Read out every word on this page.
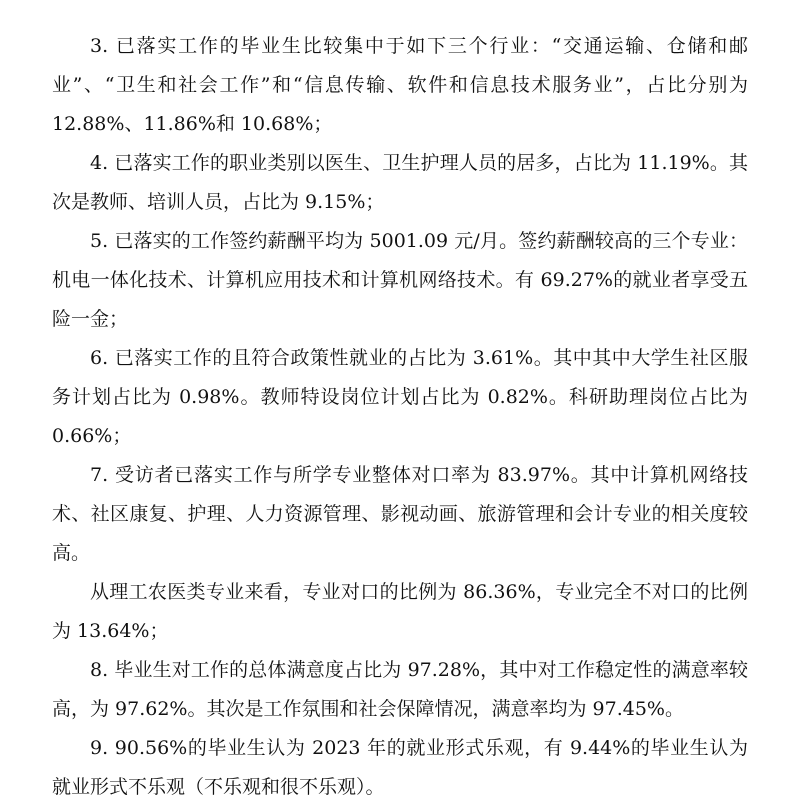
3. 已落实工作的毕业生比较集中于如下三个行业：“交通运输、仓储和邮业”、“卫生和社会工作”和“信息传输、软件和信息技术服务业”，占比分别为 12.88%、11.86%和 10.68%；

4. 已落实工作的职业类别以医生、卫生护理人员的居多，占比为 11.19%。其次是教师、培训人员，占比为 9.15%；

5. 已落实的工作签约薪酬平均为 5001.09 元/月。签约薪酬较高的三个专业：机电一体化技术、计算机应用技术和计算机网络技术。有 69.27%的就业者享受五险一金；

6. 已落实工作的且符合政策性就业的占比为 3.61%。其中其中大学生社区服务计划占比为 0.98%。教师特设岗位计划占比为 0.82%。科研助理岗位占比为 0.66%；

7. 受访者已落实工作与所学专业整体对口率为 83.97%。其中计算机网络技术、社区康复、护理、人力资源管理、影视动画、旅游管理和会计专业的相关度较高。

从理工农医类专业来看，专业对口的比例为 86.36%，专业完全不对口的比例为 13.64%；

8. 毕业生对工作的总体满意度占比为 97.28%，其中对工作稳定性的满意率较高，为 97.62%。其次是工作氛围和社会保障情况，满意率均为 97.45%。

9. 90.56%的毕业生认为 2023 年的就业形式乐观，有 9.44%的毕业生认为就业形式不乐观（不乐观和很不乐观）。
